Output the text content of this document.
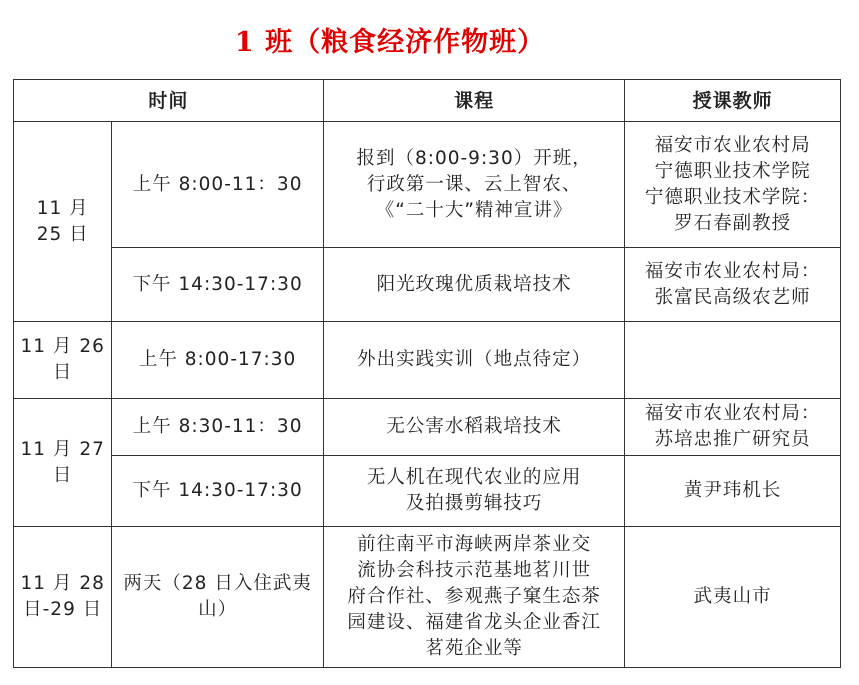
1 班（粮食经济作物班）
时间		课程	授课教师

11 月 25 日	上午 8:00-11：30	报到（8:00-9:30）开班，
行政第一课、云上智农、
《“二十大”精神宣讲》	福安市农业农村局
宁德职业技术学院
宁德职业技术学院：
罗石春副教授

	下午 14:30-17:30	阳光玫瑰优质栽培技术	福安市农业农村局：
张富民高级农艺师

11 月 26 日	上午 8:00-17:30	外出实践实训（地点待定）	

11 月 27 日	上午 8:30-11：30	无公害水稻栽培技术	福安市农业农村局：
苏培忠推广研究员

	下午 14:30-17:30	无人机在现代农业的应用
及拍摄剪辑技巧	黄尹玮机长

11 月 28 日-29 日	两天（28 日入住武夷山）	前往南平市海峡两岸茶业交
流协会科技示范基地茗川世
府合作社、参观燕子窠生态茶
园建设、福建省龙头企业香江
茗苑企业等	武夷山市
